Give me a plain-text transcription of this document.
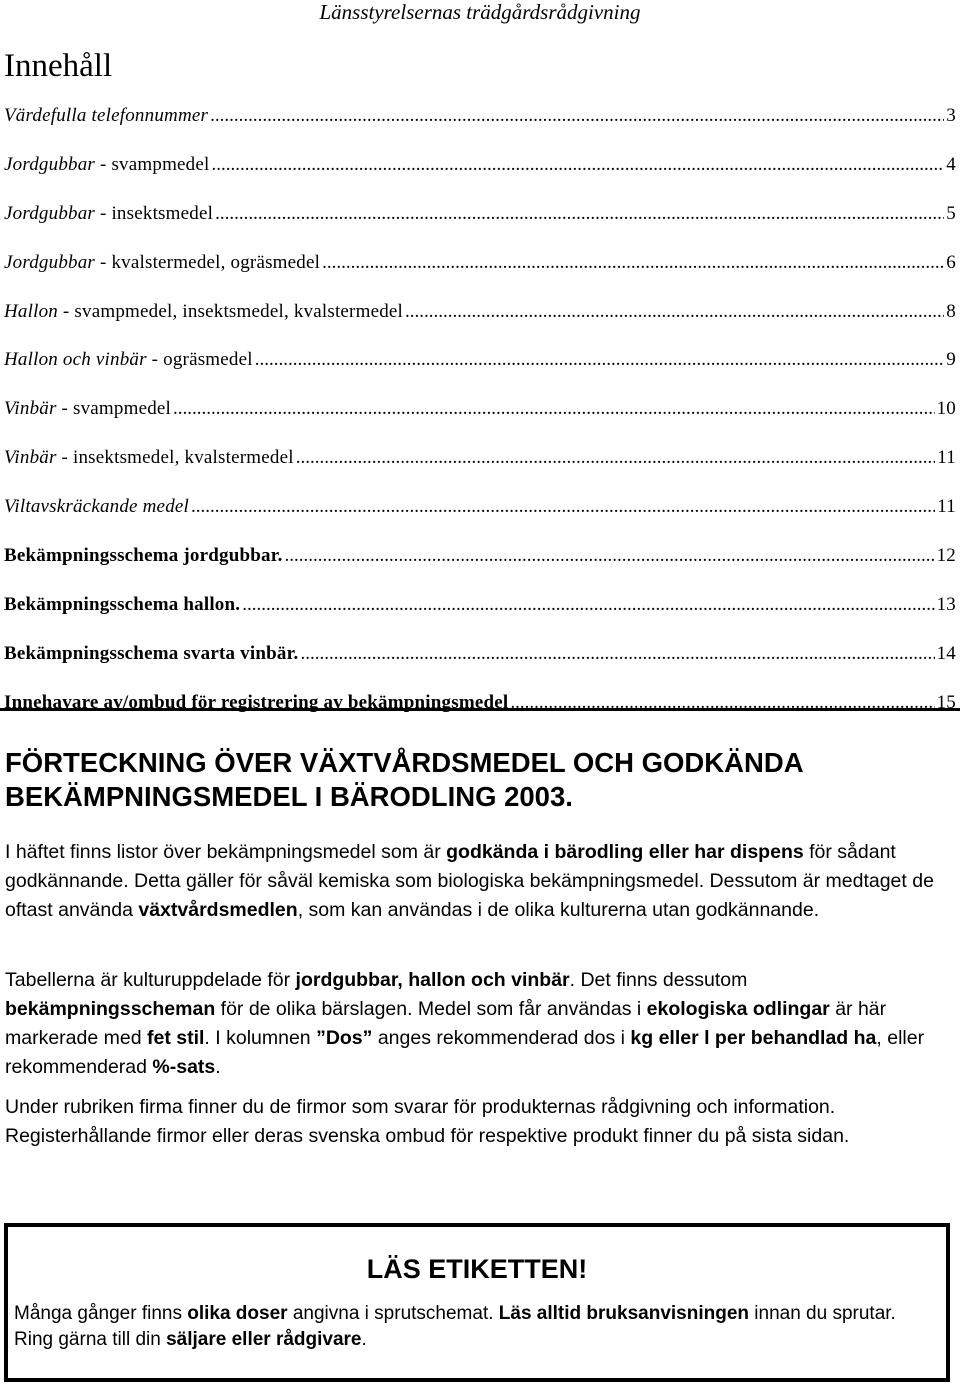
Länsstyrelsernas trädgårdsrådgivning
Innehåll
Värdefulla telefonnummer .....	3
Jordgubbar - svampmedel .....	4
Jordgubbar - insektsmedel .....	5
Jordgubbar - kvalstermedel, ogräsmedel .....	6
Hallon - svampmedel, insektsmedel, kvalstermedel .....	8
Hallon och vinbär - ogräsmedel .....	9
Vinbär - svampmedel .....	10
Vinbär - insektsmedel, kvalstermedel .....	11
Viltavskräckande medel .....	11
Bekämpningsschema jordgubbar. .....	12
Bekämpningsschema hallon. .....	13
Bekämpningsschema svarta vinbär. .....	14
Innehavare av/ombud för registrering av bekämpningsmedel .....	15
FÖRTECKNING ÖVER VÄXTVÅRDSMEDEL OCH GODKÄNDA
BEKÄMPNINGSMEDEL I BÄRODLING 2003.
I häftet finns listor över bekämpningsmedel som är godkända i bärodling eller har dispens för sådant godkännande. Detta gäller för såväl kemiska som biologiska bekämpningsmedel. Dessutom är medtaget de oftast använda växtvårdsmedlen, som kan användas i de olika kulturerna utan godkännande.
Tabellerna är kulturuppdelade för jordgubbar, hallon och vinbär. Det finns dessutom bekämpningsscheman för de olika bärslagen. Medel som får användas i ekologiska odlingar är här markerade med fet stil. I kolumnen ”Dos” anges rekommenderad dos i kg eller l per behandlad ha, eller rekommenderad %-sats.
Under rubriken firma finner du de firmor som svarar för produkternas rådgivning och information. Registerhållande firmor eller deras svenska ombud för respektive produkt finner du på sista sidan.
LÄS ETIKETTEN!
Många gånger finns olika doser angivna i sprutschemat. Läs alltid bruksanvisningen innan du sprutar. Ring gärna till din säljare eller rådgivare.
